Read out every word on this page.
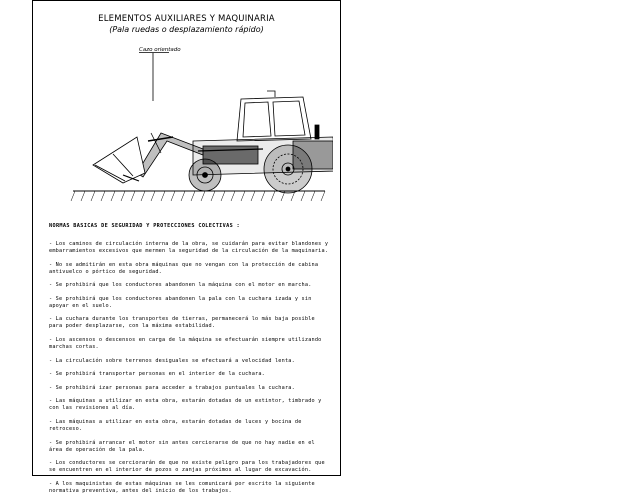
ELEMENTOS AUXILIARES Y MAQUINARIA
(Pala ruedas o desplazamiento rápido)
Cazo orientado
NORMAS BASICAS DE SEGURIDAD Y PROTECCIONES COLECTIVAS :
- Los caminos de circulación interna de la obra, se cuidarán para evitar blandones y embarramientos excesivos que mermen la seguridad de la circulación de la maquinaria.
- No se admitirán en esta obra máquinas que no vengan con la protección de cabina antivuelco o pórtico de seguridad.
- Se prohibirá que los conductores abandonen la máquina con el motor en marcha.
- Se prohibirá que los conductores abandonen la pala con la cuchara izada y sin apoyar en el suelo.
- La cuchara durante los transportes de tierras, permanecerá lo más baja posible para poder desplazarse, con la máxima estabilidad.
- Los ascensos o descensos en carga de la máquina se efectuarán siempre utilizando marchas cortas.
- La circulación sobre terrenos desiguales se efectuará a velocidad lenta.
- Se prohibirá transportar personas en el interior de la cuchara.
- Se prohibirá izar personas para acceder a trabajos puntuales la cuchara.
- Las máquinas a utilizar en esta obra, estarán dotadas de un extintor, timbrado y con las revisiones al día.
- Las máquinas a utilizar en esta obra, estarán dotadas de luces y bocina de retroceso.
- Se prohibirá arrancar el motor sin antes cerciorarse de que no hay nadie en el área de operación de la pala.
- Los conductores se cerciorarán de que no existe peligro para los trabajadores que se encuentren en el interior de pozos o zanjas próximos al lugar de excavación.
- A los maquinistas de estas máquinas se les comunicará por escrito la siguiente normativa preventiva, antes del inicio de los trabajos.
